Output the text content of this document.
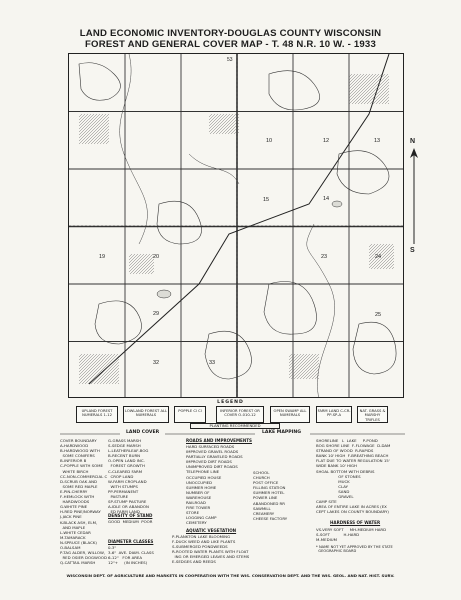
LAND ECONOMIC INVENTORY-DOUGLAS COUNTY WISCONSIN
FOREST AND GENERAL COVER MAP - T. 48 N.R. 10 W. - 1933
10	13
12
15	14
19	20	23	24
25
29
32	33
53
N
S
LEGEND
UPLAND FOREST NUMERALS 1-12
LOWLAND FOREST ALL NUMERALS
POPPLE Cl Cl	INFERIOR FOREST OR COVER O-010-12
OPEN SWAMP ALL NUMERALS
FARM LAND C-CR-PP-SP-A
NAT. GRASS & MARSHY TRIFLES
PLANTING RECOMMENDED
LAND COVER	LAKE MAPPING
COVER BOUNDARY
A-HARDWOOD
B-HARDWOOD WITH
SOME CONIFERS
B-INFERIOR B
C-POPPLE WITH SOME
WHITE BIRCH
CC-NON-COMMERCIAL C
D-SCRUB OAK AND
SOME RED MAPLE
E-PIN-CHERRY
F-HEMLOCK WITH
HARDWOODS
G-WHITE PINE
H-RED PINE/NORWAY
J-JACK PINE
K-BLACK ASH, ELM,
AND MAPLE
L-WHITE CEDAR
M-TAMARACK
N-SPRUCE (BLACK)
O-BALSAM
P-TAG ALDER, WILLOW,
RED OSIER DOGWOOD
Q-CATTAIL MARSH
G-GRASS MARSH
S-SEDGE MARSH
L-LEATHERLEAF-BOG
B-RECENT BURN
O-OPEN LAND INC.
FOREST GROWTH
C-CLEARED FARM
CROP LAND
W-FARM CROPLAND
WITH STUMPS
PP-PERMANENT
PASTURE
SP-STUMP PASTURE
A-IDLE OR ABANDON
ED FARM LAND
DENSITY OF STAND
GOOD  MEDIUM  POOR
DIAMETER CLASSES
0-3"
3-6"  AVE. DIAM. CLASS
6-12"   FOR AREA
12"+     (IN INCHES)
ROADS AND IMPROVEMENTS
HARD SURFACED ROADS
IMPROVED GRAVEL ROADS
PARTIALLY GRAVELED ROADS
IMPROVED DIRT ROADS
UNIMPROVED DIRT ROADS
TELEPHONE LINE
OCCUPIED HOUSE
UNOCCUPIED
SUMMER HOME
NUMBER OF
WAREHOUSE
RAILROAD
FIRE TOWER
STORE
LOGGING CAMP
CEMETERY
SCHOOL
CHURCH
POST OFFICE
FILLING STATION
SUMMER HOTEL
POWER LINE
ABANDONED RR
SAWMILL
CREAMERY
CHEESE FACTORY
AQUATIC VEGETATION
P-PLANKTON LAKE BLOOMING
F-DUCK WEED AND LIKE PLANTS
S-SUBMERGED PONDWEEDS
R-ROOTED WATER PLANTS WITH FLOAT
ING OR EMERGED LEAVES AND STEMS
E-SEDGES AND REEDS
SHORELINE   L  LAKE     P-POND
BOG SHORE LINE  F-FLOWAGE  D-DAM
STRAND OF WOOD  R-RAPIDS
BANK 10' HIGH  F-BREATHING BEACH
FLAT DUE TO WATER REGULATION 15'
WIDE BANK 10' HIGH
SHOAL BOTTOM WITH DEBRIS
OF STONES
MUCK
CLAY
SAND
GRAVEL
CAMP SITE
AREA OF ENTIRE LAKE IN ACRES (EX
CEPT LAKES ON COUNTY BOUNDARY)
HARDNESS OF WATER
VS-VERY SOFT     MH-MEDIUM HARD
S-SOFT           H-HARD
M-MEDIUM
* NAME NOT YET APPROVED BY THE STATE
GEOGRAPHIC BOARD
WISCONSIN DEPT. OF AGRICULTURE AND MARKETS IN COOPERATION WITH THE WIS. CONSERVATION DEPT. AND THE WIS. GEOL. AND NAT. HIST. SURV.
